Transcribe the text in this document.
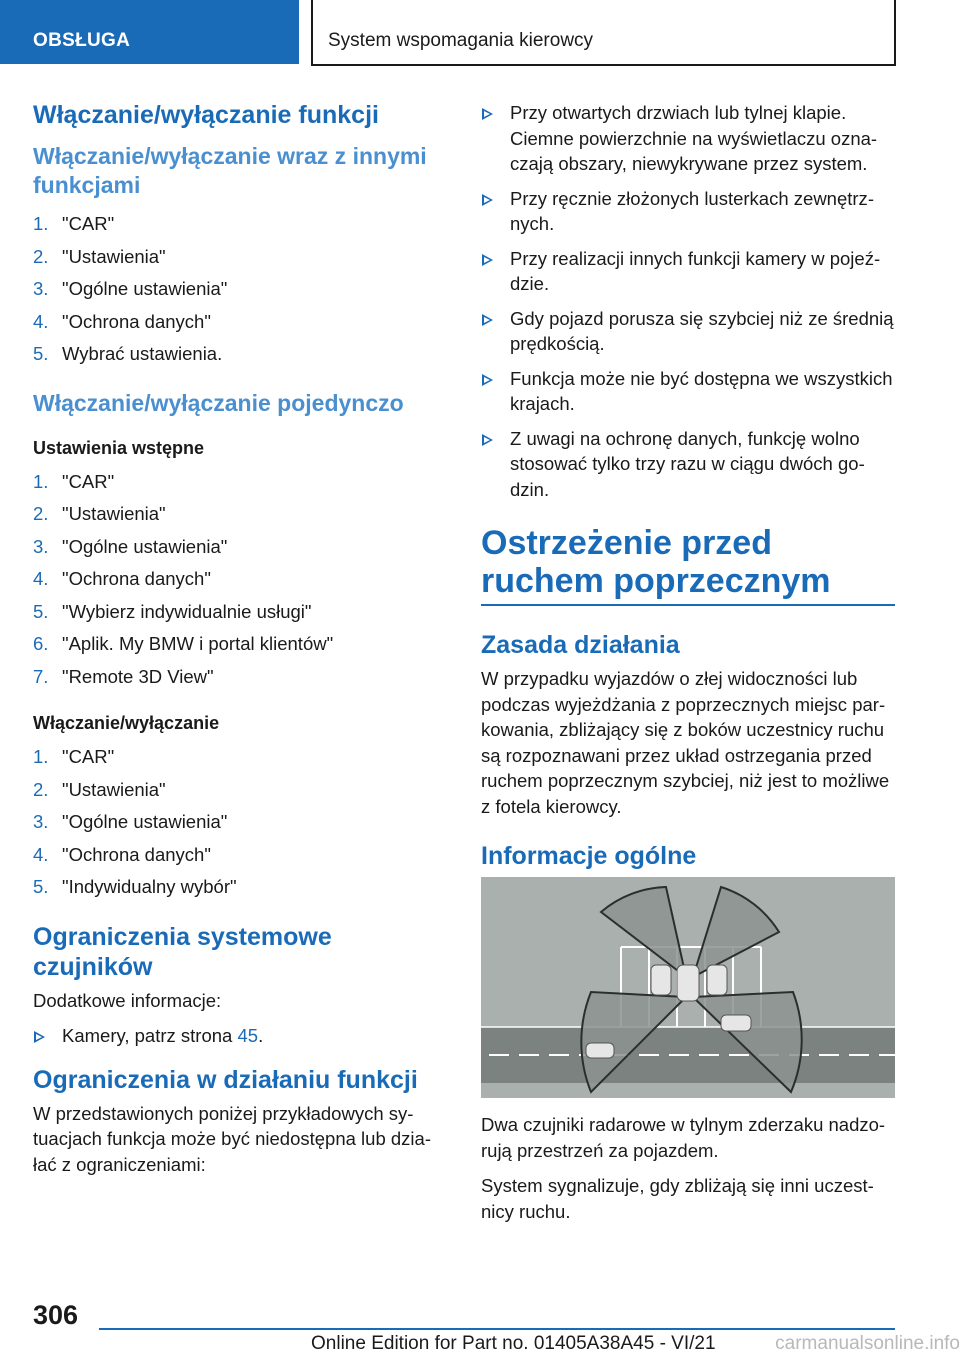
OBSŁUGA	System wspomagania kierowcy
Włączanie/wyłączanie funkcji
Włączanie/wyłączanie wraz z innymi funkcjami
1. "CAR"
2. "Ustawienia"
3. "Ogólne ustawienia"
4. "Ochrona danych"
5. Wybrać ustawienia.
Włączanie/wyłączanie pojedynczo
Ustawienia wstępne
1. "CAR"
2. "Ustawienia"
3. "Ogólne ustawienia"
4. "Ochrona danych"
5. "Wybierz indywidualnie usługi"
6. "Aplik. My BMW i portal klientów"
7. "Remote 3D View"
Włączanie/wyłączanie
1. "CAR"
2. "Ustawienia"
3. "Ogólne ustawienia"
4. "Ochrona danych"
5. "Indywidualny wybór"
Ograniczenia systemowe czujników
Dodatkowe informacje:
Kamery, patrz strona 45.
Ograniczenia w działaniu funkcji
W przedstawionych poniżej przykładowych sytuacjach funkcja może być niedostępna lub działać z ograniczeniami:
Przy otwartych drzwiach lub tylnej klapie. Ciemne powierzchnie na wyświetlaczu oznaczają obszary, niewykrywane przez system.
Przy ręcznie złożonych lusterkach zewnętrznych.
Przy realizacji innych funkcji kamery w pojeździe.
Gdy pojazd porusza się szybciej niż ze średnią prędkością.
Funkcja może nie być dostępna we wszystkich krajach.
Z uwagi na ochronę danych, funkcję wolno stosować tylko trzy razu w ciągu dwóch godzin.
Ostrzeżenie przed ruchem poprzecznym
Zasada działania
W przypadku wyjazdów o złej widoczności lub podczas wyjeżdżania z poprzecznych miejsc parkowania, zbliżający się z boków uczestnicy ruchu są rozpoznawani przez układ ostrzegania przed ruchem poprzecznym szybciej, niż jest to możliwe z fotela kierowcy.
Informacje ogólne
Dwa czujniki radarowe w tylnym zderzaku nadzorują przestrzeń za pojazdem.
System sygnalizuje, gdy zbliżają się inni uczestnicy ruchu.
306
Online Edition for Part no. 01405A38A45 - VI/21	carmanualsonline.info
